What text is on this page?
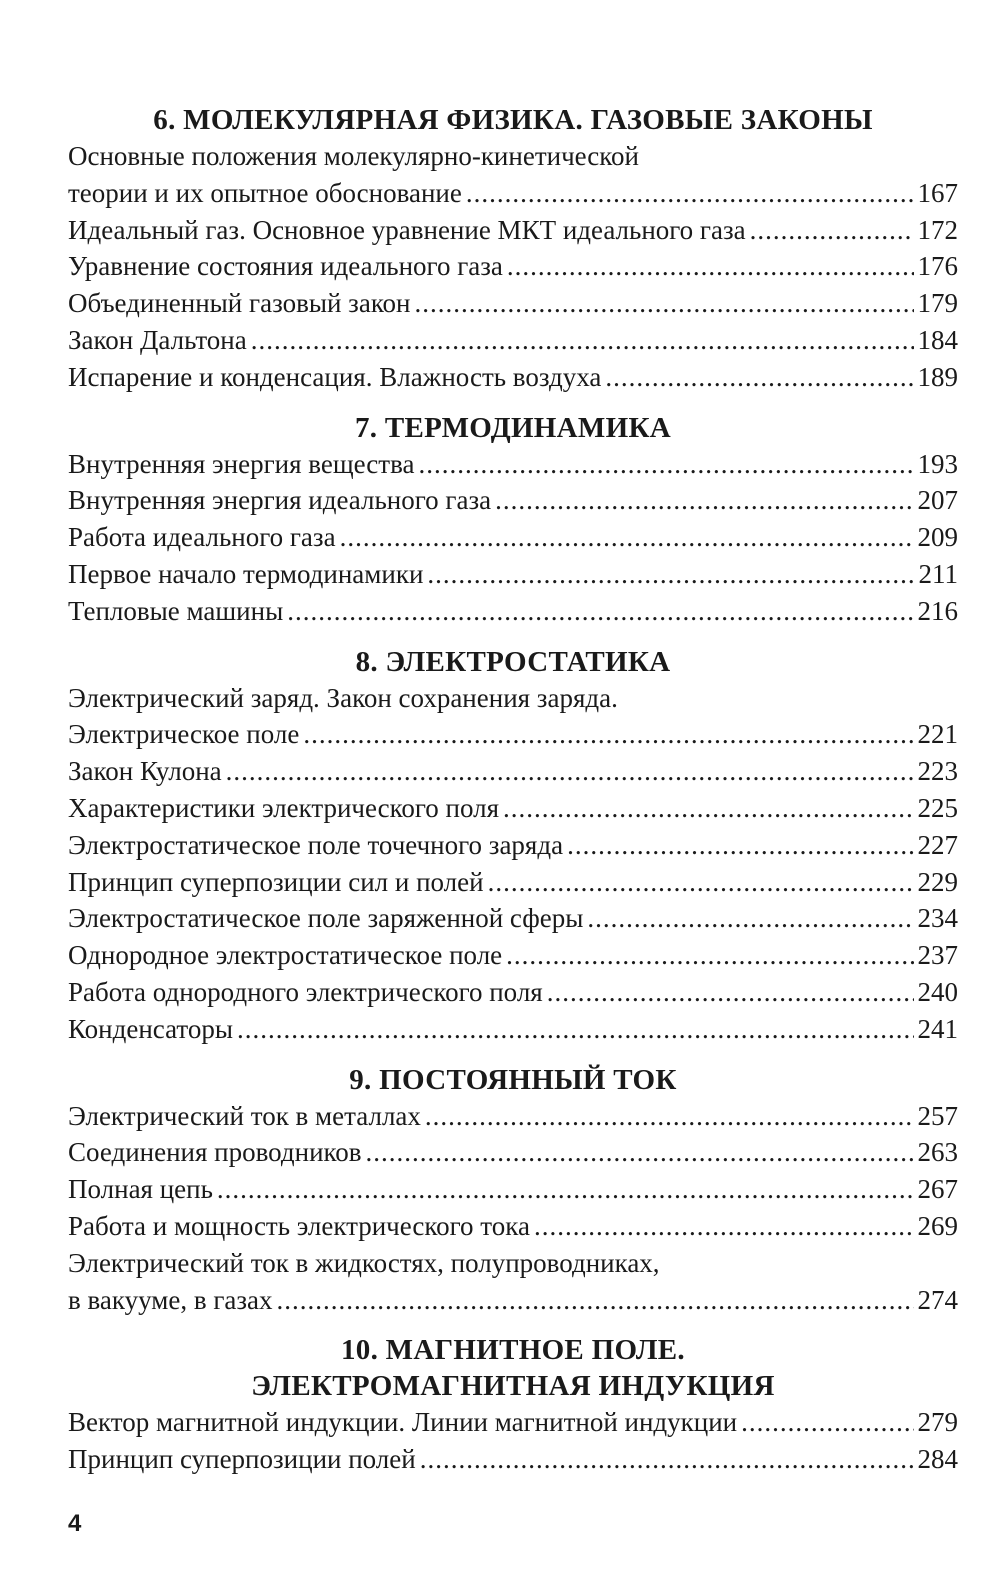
6. МОЛЕКУЛЯРНАЯ ФИЗИКА. ГАЗОВЫЕ ЗАКОНЫ
Основные положения молекулярно-кинетической
теории и их опытное обоснование .....	167
Идеальный газ. Основное уравнение МКТ идеального газа .....	172
Уравнение состояния идеального газа .....	176
Объединенный газовый закон .....	179
Закон Дальтона .....	184
Испарение и конденсация. Влажность воздуха .....	189
7. ТЕРМОДИНАМИКА
Внутренняя энергия вещества .....	193
Внутренняя энергия идеального газа .....	207
Работа идеального газа .....	209
Первое начало термодинамики .....	211
Тепловые машины .....	216
8. ЭЛЕКТРОСТАТИКА
Электрический заряд. Закон сохранения заряда.
Электрическое поле .....	221
Закон Кулона .....	223
Характеристики электрического поля .....	225
Электростатическое поле точечного заряда .....	227
Принцип суперпозиции сил и полей .....	229
Электростатическое поле заряженной сферы .....	234
Однородное электростатическое поле .....	237
Работа однородного электрического поля .....	240
Конденсаторы .....	241
9. ПОСТОЯННЫЙ ТОК
Электрический ток в металлах .....	257
Соединения проводников .....	263
Полная цепь .....	267
Работа и мощность электрического тока .....	269
Электрический ток в жидкостях, полупроводниках,
в вакууме, в газах .....	274
10. МАГНИТНОЕ ПОЛЕ.
ЭЛЕКТРОМАГНИТНАЯ ИНДУКЦИЯ
Вектор магнитной индукции. Линии магнитной индукции .....	279
Принцип суперпозиции полей .....	284
4
